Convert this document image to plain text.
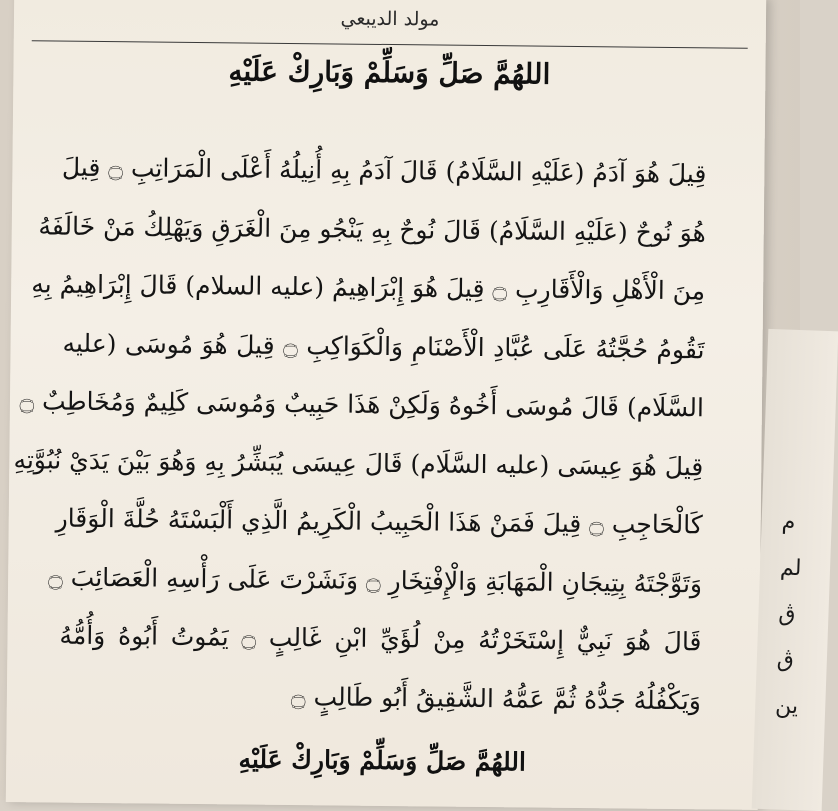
مولد الديبعي
اللهُمَّ صَلِّ وَسَلِّمْ وَبَارِكْ عَلَيْهِ
قِيلَ هُوَ آدَمُ (عَلَيْهِ السَّلَامُ) قَالَ آدَمُ بِهِ أُنِيلُهُ أَعْلَى الْمَرَاتِبِ ۝ قِيلَ
هُوَ نُوحٌ (عَلَيْهِ السَّلَامُ) قَالَ نُوحٌ بِهِ يَنْجُو مِنَ الْغَرَقِ وَيَهْلِكُ مَنْ خَالَفَهُ
مِنَ الْأَهْلِ وَالْأَقَارِبِ ۝ قِيلَ هُوَ إِبْرَاهِيمُ (عليه السلام) قَالَ إِبْرَاهِيمُ بِهِ
تَقُومُ حُجَّتُهُ عَلَى عُبَّادِ الْأَصْنَامِ وَالْكَوَاكِبِ ۝ قِيلَ هُوَ مُوسَى (عليه
السَّلَام) قَالَ مُوسَى أَخُوهُ وَلَكِنْ هَذَا حَبِيبٌ وَمُوسَى كَلِيمٌ وَمُخَاطِبٌ ۝
قِيلَ هُوَ عِيسَى (عليه السَّلَام) قَالَ عِيسَى يُبَشِّرُ بِهِ وَهُوَ بَيْنَ يَدَيْ نُبُوَّتِهِ
كَالْحَاجِبِ ۝ قِيلَ فَمَنْ هَذَا الْحَبِيبُ الْكَرِيمُ الَّذِي أَلْبَسْتَهُ حُلَّةَ الْوَقَارِ
وَتَوَّجْتَهُ بِتِيجَانِ الْمَهَابَةِ وَالْإِفْتِخَارِ ۝ وَنَشَرْتَ عَلَى رَأْسِهِ الْعَصَائِبَ ۝
قَالَ هُوَ نَبِيٌّ إِسْتَخَرْتُهُ مِنْ لُؤَيِّ ابْنِ غَالِبٍ ۝ يَمُوتُ أَبُوهُ وَأُمُّهُ
وَيَكْفُلُهُ جَدُّهُ ثُمَّ عَمُّهُ الشَّقِيقُ أَبُو طَالِبٍ ۝
اللهُمَّ صَلِّ وَسَلِّمْ وَبَارِكْ عَلَيْهِ
م
لم
ڨ
ڨ
ين
